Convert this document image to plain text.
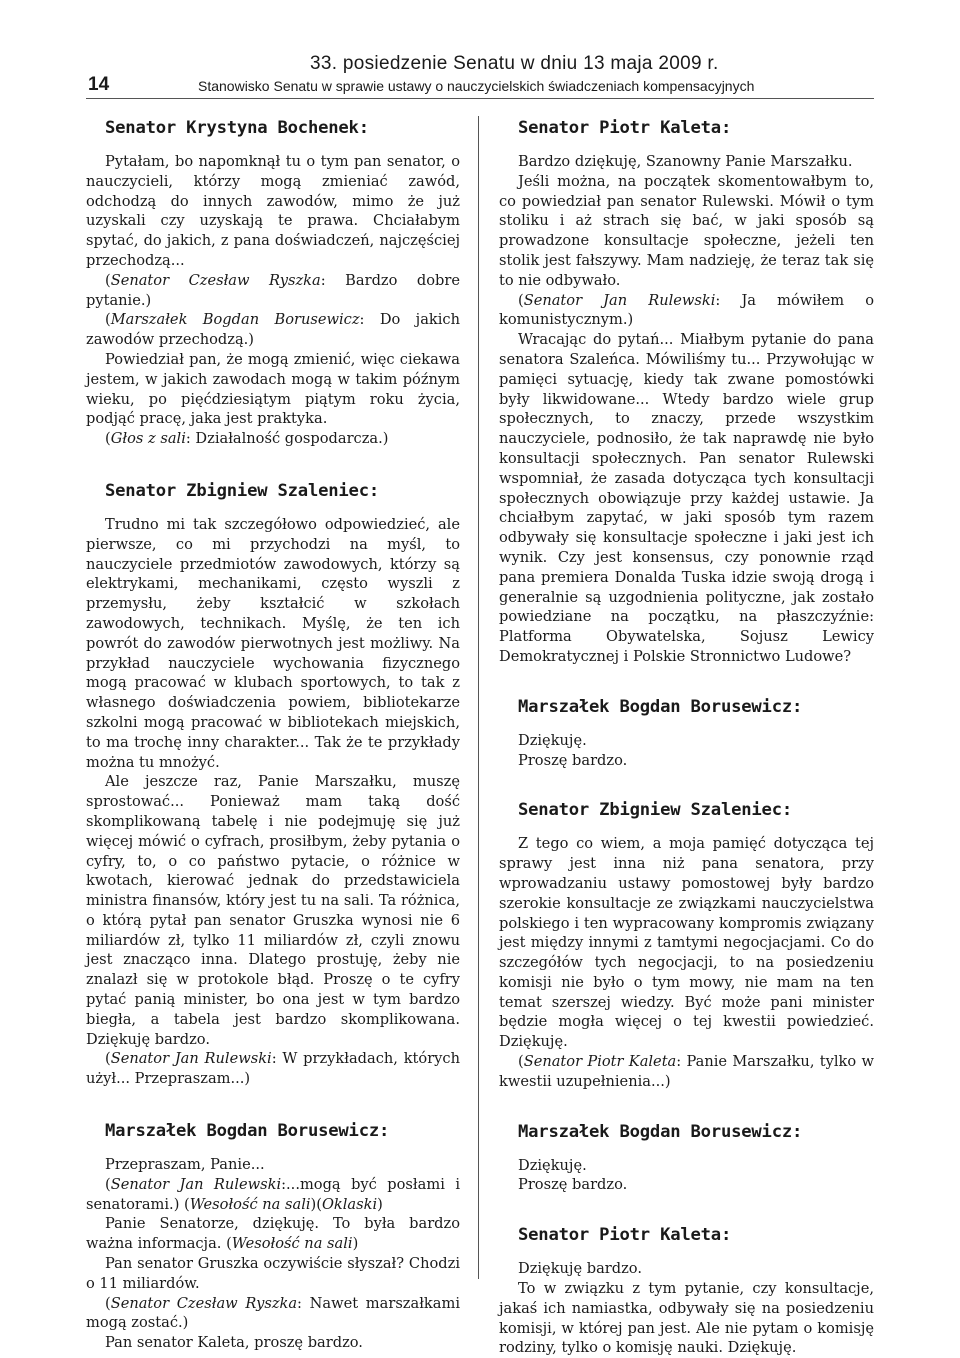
33. posiedzenie Senatu w dniu 13 maja 2009 r.
14	Stanowisko Senatu w sprawie ustawy o nauczycielskich świadczeniach kompensacyjnych
Senator Krystyna Bochenek:

Pytałam, bo napomknął tu o tym pan senator, o nauczycieli, którzy mogą zmieniać zawód, odchodzą do innych zawodów, mimo że już uzyskali czy uzyskają te prawa. Chciałabym spytać, do jakich, z pana doświadczeń, najczęściej przechodzą...

(Senator Czesław Ryszka: Bardzo dobre pytanie.)

(Marszałek Bogdan Borusewicz: Do jakich zawodów przechodzą.)

Powiedział pan, że mogą zmienić, więc ciekawa jestem, w jakich zawodach mogą w takim późnym wieku, po pięćdziesiątym piątym roku życia, podjąć pracę, jaka jest praktyka.

(Głos z sali: Działalność gospodarcza.)

Senator Zbigniew Szaleniec:

Trudno mi tak szczegółowo odpowiedzieć, ale pierwsze, co mi przychodzi na myśl, to nauczyciele przedmiotów zawodowych, którzy są elektrykami, mechanikami, często wyszli z przemysłu, żeby kształcić w szkołach zawodowych, technikach. Myślę, że ten ich powrót do zawodów pierwotnych jest możliwy. Na przykład nauczyciele wychowania fizycznego mogą pracować w klubach sportowych, to tak z własnego doświadczenia powiem, bibliotekarze szkolni mogą pracować w bibliotekach miejskich, to ma trochę inny charakter... Tak że te przykłady można tu mnożyć.

Ale jeszcze raz, Panie Marszałku, muszę sprostować... Ponieważ mam taką dość skomplikowaną tabelę i nie podejmuję się już więcej mówić o cyfrach, prosiłbym, żeby pytania o cyfry, to, o co państwo pytacie, o różnice w kwotach, kierować jednak do przedstawiciela ministra finansów, który jest tu na sali. Ta różnica, o którą pytał pan senator Gruszka wynosi nie 6 miliardów zł, tylko 11 miliardów zł, czyli znowu jest znacząco inna. Dlatego prostuję, żeby nie znalazł się w protokole błąd. Proszę o te cyfry pytać panią minister, bo ona jest w tym bardzo biegła, a tabela jest bardzo skomplikowana. Dziękuję bardzo.

(Senator Jan Rulewski: W przykładach, których użył... Przepraszam...)

Marszałek Bogdan Borusewicz:

Przepraszam, Panie...

(Senator Jan Rulewski:...mogą być posłami i senatorami.) (Wesołość na sali)(Oklaski)

Panie Senatorze, dziękuję. To była bardzo ważna informacja. (Wesołość na sali)

Pan senator Gruszka oczywiście słyszał? Chodzi o 11 miliardów.

(Senator Czesław Ryszka: Nawet marszałkami mogą zostać.)

Pan senator Kaleta, proszę bardzo.

Senator Piotr Kaleta:

Bardzo dziękuję, Szanowny Panie Marszałku.

Jeśli można, na początek skomentowałbym to, co powiedział pan senator Rulewski. Mówił o tym stoliku i aż strach się bać, w jaki sposób są prowadzone konsultacje społeczne, jeżeli ten stolik jest fałszywy. Mam nadzieję, że teraz tak się to nie odbywało.

(Senator Jan Rulewski: Ja mówiłem o komunistycznym.)

Wracając do pytań... Miałbym pytanie do pana senatora Szaleńca. Mówiliśmy tu... Przywołując w pamięci sytuację, kiedy tak zwane pomostówki były likwidowane... Wtedy bardzo wiele grup społecznych, to znaczy, przede wszystkim nauczyciele, podnosiło, że tak naprawdę nie było konsultacji społecznych. Pan senator Rulewski wspomniał, że zasada dotycząca tych konsultacji społecznych obowiązuje przy każdej ustawie. Ja chciałbym zapytać, w jaki sposób tym razem odbywały się konsultacje społeczne i jaki jest ich wynik. Czy jest konsensus, czy ponownie rząd pana premiera Donalda Tuska idzie swoją drogą i generalnie są uzgodnienia polityczne, jak zostało powiedziane na początku, na płaszczyźnie: Platforma Obywatelska, Sojusz Lewicy Demokratycznej i Polskie Stronnictwo Ludowe?

Marszałek Bogdan Borusewicz:

Dziękuję.

Proszę bardzo.

Senator Zbigniew Szaleniec:

Z tego co wiem, a moja pamięć dotycząca tej sprawy jest inna niż pana senatora, przy wprowadzaniu ustawy pomostowej były bardzo szerokie konsultacje ze związkami nauczycielstwa polskiego i ten wypracowany kompromis związany jest między innymi z tamtymi negocjacjami. Co do szczegółów tych negocjacji, to na posiedzeniu komisji nie było o tym mowy, nie mam na ten temat szerszej wiedzy. Być może pani minister będzie mogła więcej o tej kwestii powiedzieć. Dziękuję.

(Senator Piotr Kaleta: Panie Marszałku, tylko w kwestii uzupełnienia...)

Marszałek Bogdan Borusewicz:

Dziękuję.

Proszę bardzo.

Senator Piotr Kaleta:

Dziękuję bardzo.

To w związku z tym pytanie, czy konsultacje, jakaś ich namiastka, odbywały się na posiedzeniu komisji, w której pan jest. Ale nie pytam o komisję rodziny, tylko o komisję nauki. Dziękuję.
